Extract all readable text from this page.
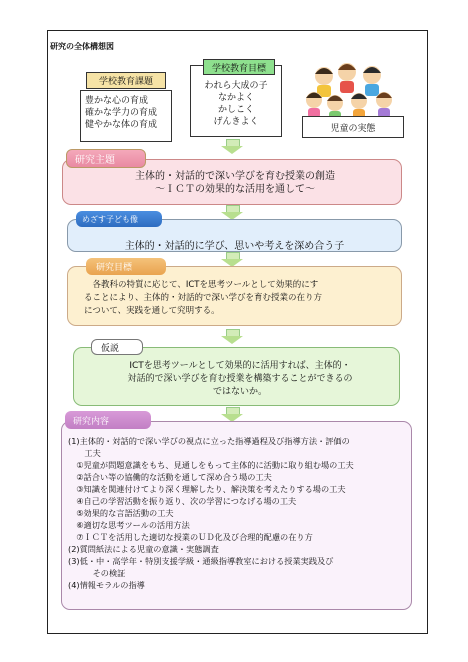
研究の全体構想図
学校教育課題
豊かな心の育成
確かな学力の育成
健やかな体の育成
学校教育目標
われら大成の子
なかよく
かしこく
げんきよく
児童の実態
研究主題
主体的・対話的で深い学びを育む授業の創造
～ＩＣＴの効果的な活用を通して～
めざす子ども像
主体的・対話的に学び、思いや考えを深め合う子
研究目標
　各教科の特質に応じて、ICTを思考ツールとして効果的にす
ることにより、主体的・対話的で深い学びを育む授業の在り方
について、実践を通して究明する。
仮説
ICTを思考ツールとして効果的に活用すれば、主体的・
対話的で深い学びを育む授業を構築することができるの
ではないか。
研究内容
(1)主体的・対話的で深い学びの視点に立った指導過程及び指導方法・評価の
　　工夫
　①児童が問題意識をもち、見通しをもって主体的に活動に取り組む場の工夫
　②話合い等の協働的な活動を通して深め合う場の工夫
　③知識を関連付けてより深く理解したり、解決策を考えたりする場の工夫
　④自己の学習活動を振り返り、次の学習につなげる場の工夫
　⑤効果的な言語活動の工夫
　⑥適切な思考ツールの活用方法
　⑦ＩＣＴを活用した適切な授業のＵＤ化及び合理的配慮の在り方
(2)質問紙法による児童の意識・実態調査
(3)低・中・高学年・特別支援学級・通級指導教室における授業実践及び
　　　その検証
(4)情報モラルの指導
